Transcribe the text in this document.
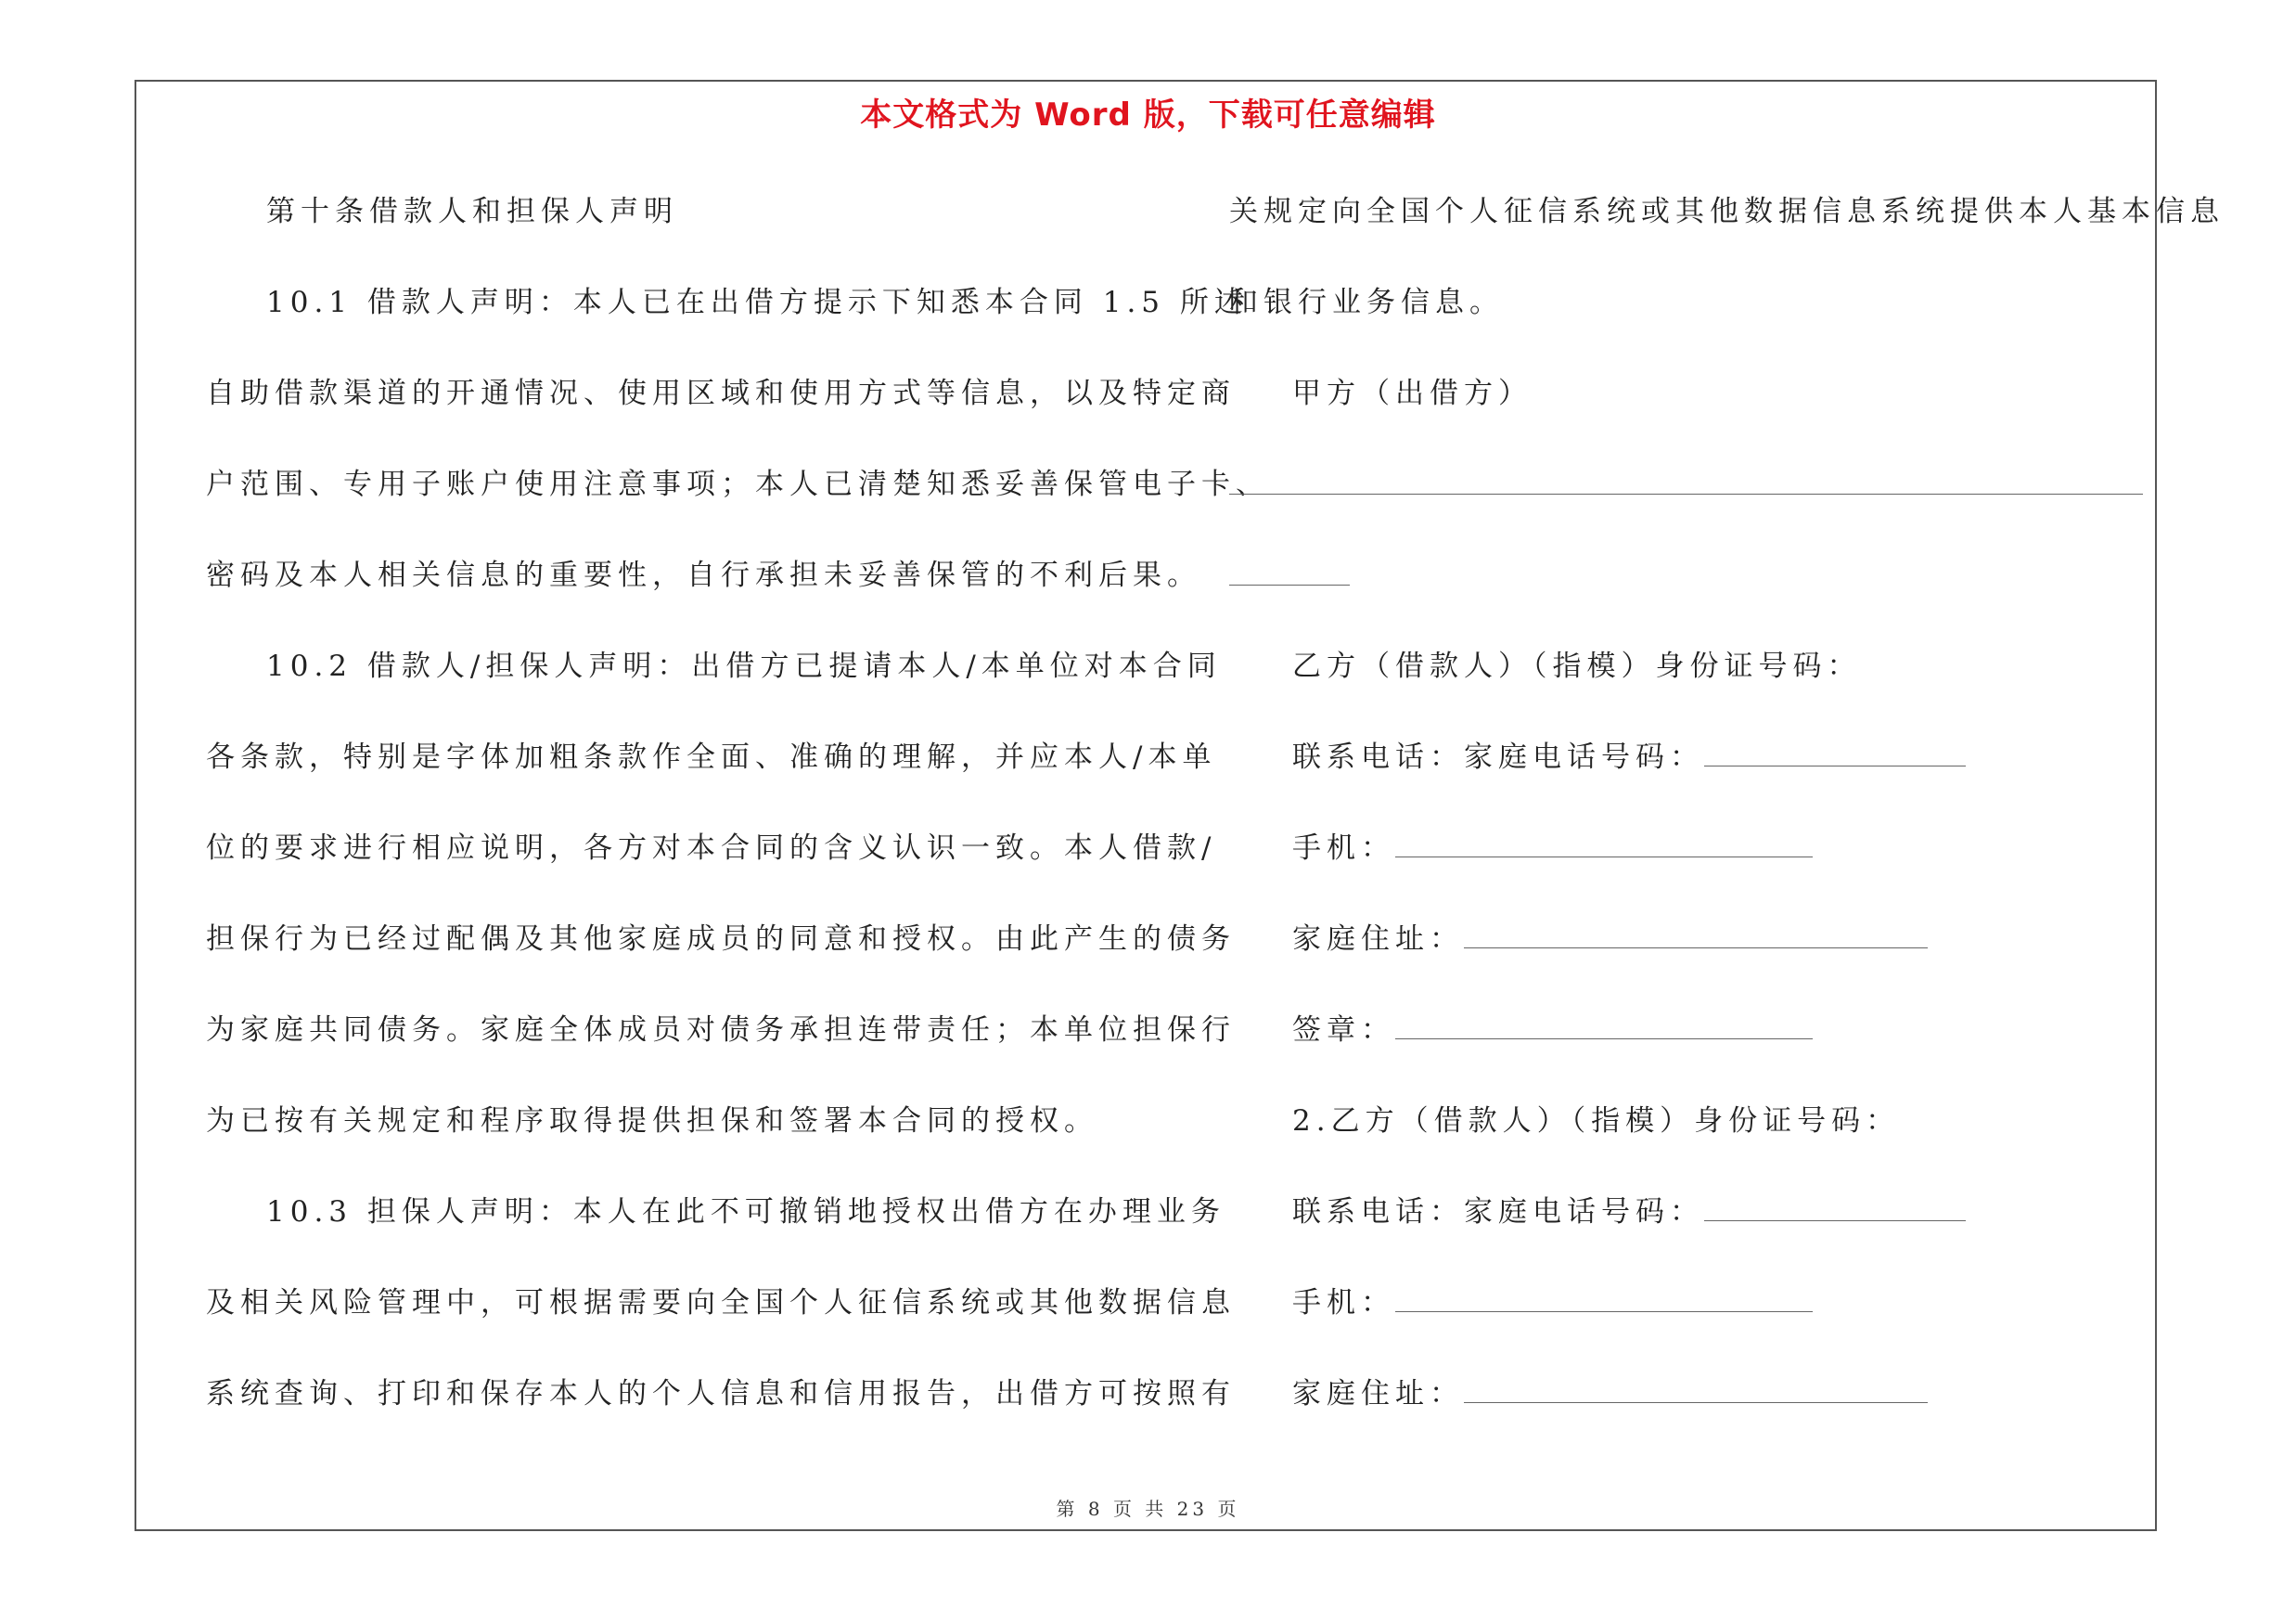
本文格式为 Word 版，下载可任意编辑
第十条借款人和担保人声明
10.1 借款人声明：本人已在出借方提示下知悉本合同 1.5 所述
自助借款渠道的开通情况、使用区域和使用方式等信息，以及特定商
户范围、专用子账户使用注意事项；本人已清楚知悉妥善保管电子卡、
密码及本人相关信息的重要性，自行承担未妥善保管的不利后果。
10.2 借款人/担保人声明：出借方已提请本人/本单位对本合同
各条款，特别是字体加粗条款作全面、准确的理解，并应本人/本单
位的要求进行相应说明，各方对本合同的含义认识一致。本人借款/
担保行为已经过配偶及其他家庭成员的同意和授权。由此产生的债务
为家庭共同债务。家庭全体成员对债务承担连带责任；本单位担保行
为已按有关规定和程序取得提供担保和签署本合同的授权。
10.3 担保人声明：本人在此不可撤销地授权出借方在办理业务
及相关风险管理中，可根据需要向全国个人征信系统或其他数据信息
系统查询、打印和保存本人的个人信息和信用报告，出借方可按照有
关规定向全国个人征信系统或其他数据信息系统提供本人基本信息
和银行业务信息。
甲方（出借方）
乙方（借款人）（指模）身份证号码：
联系电话：家庭电话号码：
手机：
家庭住址：
签章：
2.乙方（借款人）（指模）身份证号码：
联系电话：家庭电话号码：
手机：
家庭住址：
第 8 页 共 23 页
